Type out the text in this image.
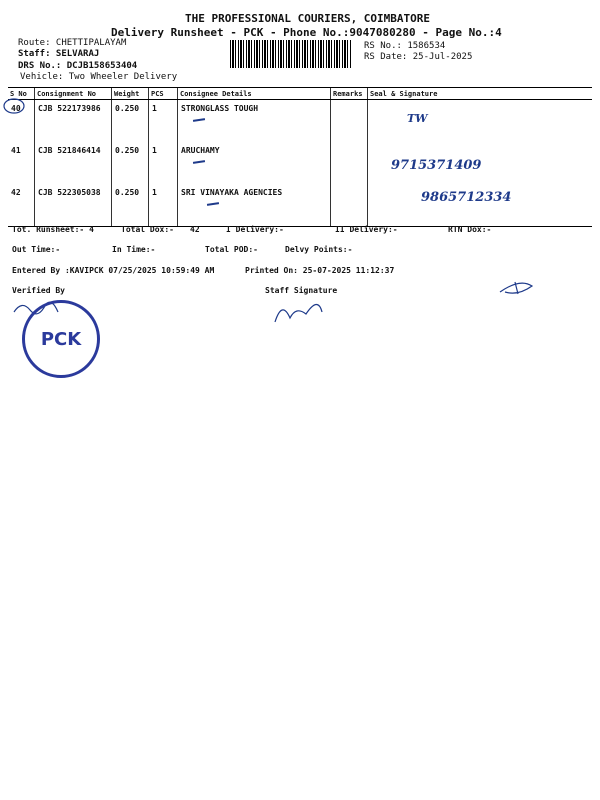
THE PROFESSIONAL COURIERS, COIMBATORE
Delivery Runsheet - PCK - Phone No.:9047080280 - Page No.:4
Route: CHETTIPALAYAM
Staff: SELVARAJ
DRS No.: DCJB158653404
Vehicle: Two Wheeler Delivery
RS No.: 1586534
RS Date: 25-Jul-2025
S No	Consignment No	Weight	PCS	Consignee Details	Remarks	Seal & Signature
40	CJB 522173986	0.250	1	STRONGLASS TOUGH		TW

41	CJB 521846414	0.250	1	ARUCHAMY		9715371409

42	CJB 522305038	0.250	1	SRI VINAYAKA AGENCIES		9865712334
Tot. Runsheet:- 4	Total Dox:- 42	I Delivery:-	II Delivery:-	RTN Dox:-
Out Time:-	In Time:-	Total POD:-	Delvy Points:-
Entered By :KAVIPCK 07/25/2025 10:59:49 AM	Printed On: 25-07-2025 11:12:37
Verified By	Staff Signature
PCK
